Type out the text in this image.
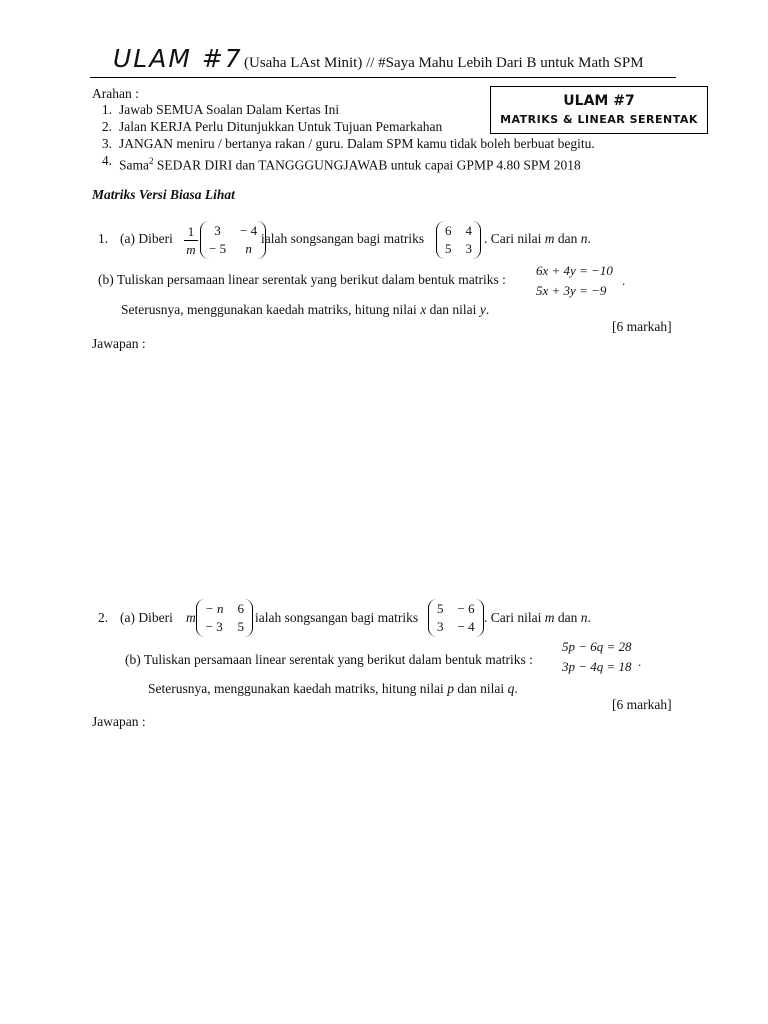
ULAM #7 (Usaha LAst Minit) // #Saya Mahu Lebih Dari B untuk Math SPM
ULAM #7
MATRIKS & LINEAR SERENTAK
Arahan :
1. Jawab SEMUA Soalan Dalam Kertas Ini
2. Jalan KERJA Perlu Ditunjukkan Untuk Tujuan Pemarkahan
3. JANGAN meniru / bertanya rakan / guru. Dalam SPM kamu tidak boleh berbuat begitu.
4. Sama$^2$ SEDAR DIRI dan TANGGGUNGJAWAB untuk capai GPMP 4.80 SPM 2018
Matriks Versi Biasa Lihat
1. (a) Diberi 1
m
3	− 4
− 5	n
ialah songsangan bagi matriks
6 4
5 3
. Cari nilai m dan n.
(b) Tuliskan persamaan linear serentak yang berikut dalam bentuk matriks :
6x + 4y = −10
5x + 3y = −9
.
Seterusnya, menggunakan kaedah matriks, hitung nilai x dan nilai y.
[6 markah]
Jawapan :
2. (a) Diberi m
− n 6
− 3 5
ialah songsangan bagi matriks
5 − 6
3 − 4
. Cari nilai m dan n.
(b) Tuliskan persamaan linear serentak yang berikut dalam bentuk matriks :
5p − 6q = 28
3p − 4q = 18 .
Seterusnya, menggunakan kaedah matriks, hitung nilai p dan nilai q.
[6 markah]
Jawapan :
